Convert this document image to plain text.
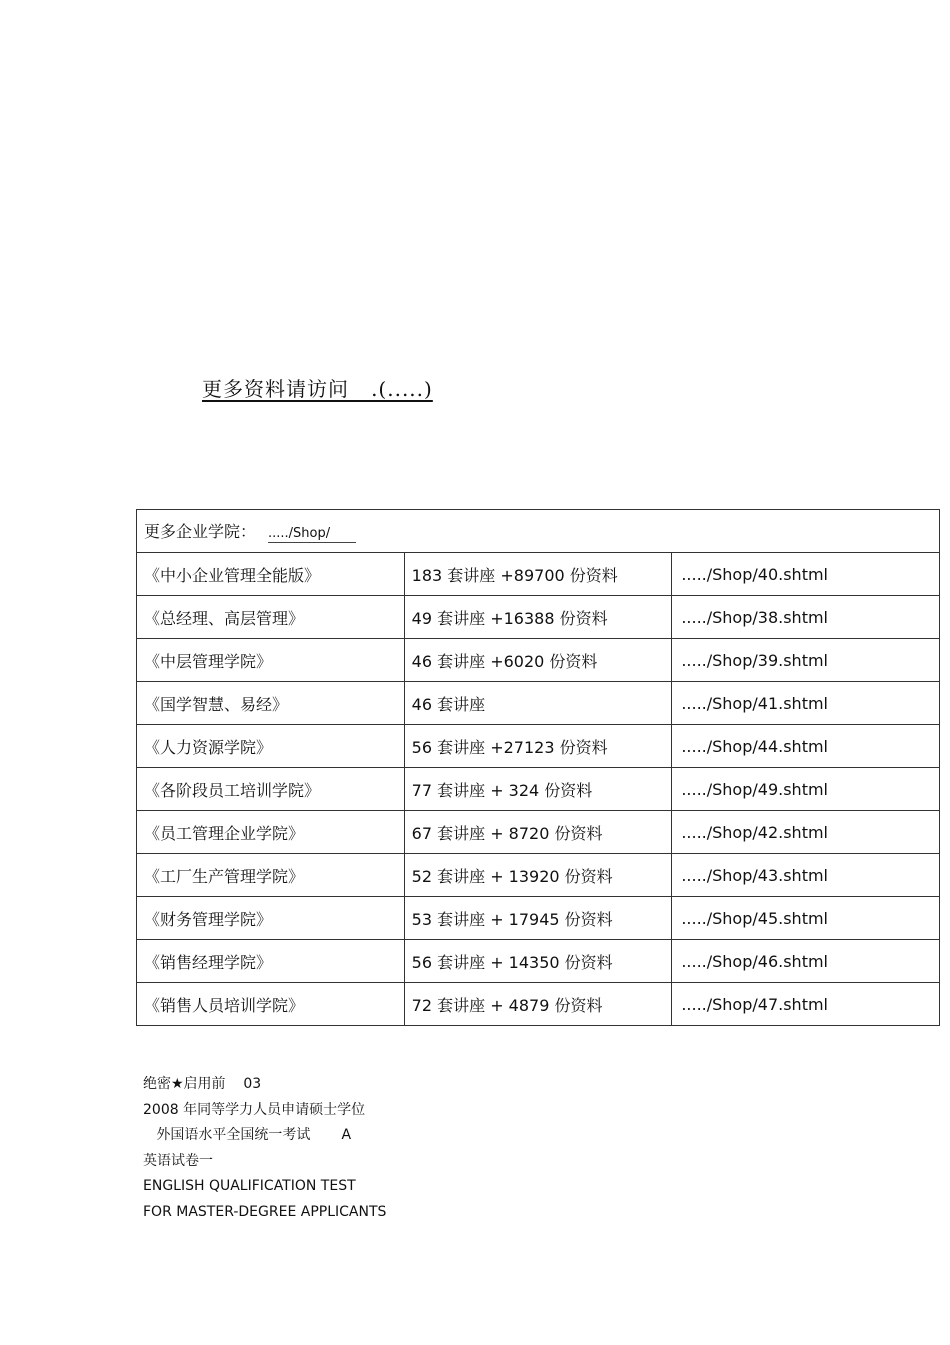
更多资料请访问   .(.....)
更多企业学院： ...../Shop/		
《中小企业管理全能版》	183 套讲座 +89700 份资料	...../Shop/40.shtml
《总经理、高层管理》	49 套讲座 +16388 份资料	...../Shop/38.shtml
《中层管理学院》	46 套讲座 +6020 份资料	...../Shop/39.shtml
《国学智慧、易经》	46 套讲座	...../Shop/41.shtml
《人力资源学院》	56 套讲座 +27123 份资料	...../Shop/44.shtml
《各阶段员工培训学院》	77 套讲座 + 324 份资料	...../Shop/49.shtml
《员工管理企业学院》	67 套讲座 + 8720 份资料	...../Shop/42.shtml
《工厂生产管理学院》	52 套讲座 + 13920 份资料	...../Shop/43.shtml
《财务管理学院》	53 套讲座 + 17945 份资料	...../Shop/45.shtml
《销售经理学院》	56 套讲座 + 14350 份资料	...../Shop/46.shtml
《销售人员培训学院》	72 套讲座 + 4879 份资料	...../Shop/47.shtml
绝密★启用前    03
2008 年同等学力人员申请硕士学位
外国语水平全国统一考试       A
英语试卷一
ENGLISH QUALIFICATION TEST
FOR MASTER-DEGREE APPLICANTS
